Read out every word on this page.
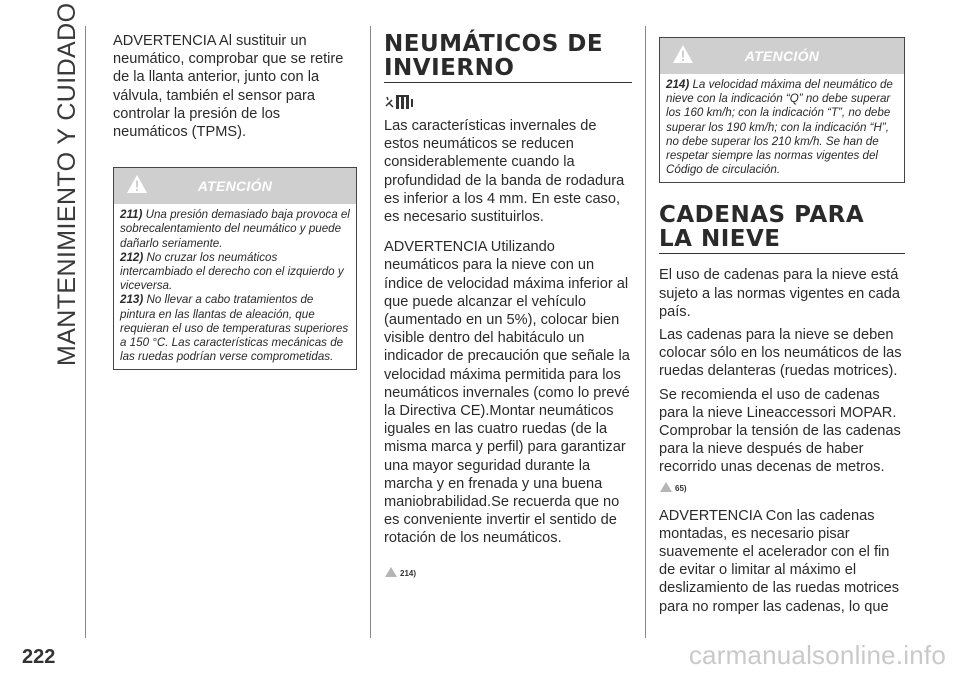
MANTENIMIENTO Y CUIDADO ADVERTENCIA Al sustituir un neumático, comprobar que se retire de la llanta anterior, junto con la válvula, también el sensor para controlar la presión de los neumáticos (TPMS).

ATENCIÓN
211) Una presión demasiado baja provoca el sobrecalentamiento del neumático y puede dañarlo seriamente.
212) No cruzar los neumáticos intercambiado el derecho con el izquierdo y viceversa.
213) No llevar a cabo tratamientos de pintura en las llantas de aleación, que requieran el uso de temperaturas superiores a 150 °C. Las características mecánicas de las ruedas podrían verse comprometidas.
NEUMÁTICOS DE INVIERNO

Las características invernales de estos neumáticos se reducen considerablemente cuando la profundidad de la banda de rodadura es inferior a los 4 mm. En este caso, es necesario sustituirlos.

ADVERTENCIA Utilizando neumáticos para la nieve con un índice de velocidad máxima inferior al que puede alcanzar el vehículo (aumentado en un 5%), colocar bien visible dentro del habitáculo un indicador de precaución que señale la velocidad máxima permitida para los neumáticos invernales (como lo prevé la Directiva CE).Montar neumáticos iguales en las cuatro ruedas (de la misma marca y perfil) para garantizar una mayor seguridad durante la marcha y en frenada y una buena maniobrabilidad.Se recuerda que no es conveniente invertir el sentido de rotación de los neumáticos.

214)
ATENCIÓN
214) La velocidad máxima del neumático de nieve con la indicación “Q” no debe superar los 160 km/h; con la indicación “T”, no debe superar los 190 km/h; con la indicación “H”, no debe superar los 210 km/h. Se han de respetar siempre las normas vigentes del Código de circulación.
CADENAS PARA LA NIEVE

El uso de cadenas para la nieve está sujeto a las normas vigentes en cada país.

Las cadenas para la nieve se deben colocar sólo en los neumáticos de las ruedas delanteras (ruedas motrices).

Se recomienda el uso de cadenas para la nieve Lineaccessori MOPAR. Comprobar la tensión de las cadenas para la nieve después de haber recorrido unas decenas de metros.

65)

ADVERTENCIA Con las cadenas montadas, es necesario pisar suavemente el acelerador con el fin de evitar o limitar al máximo el deslizamiento de las ruedas motrices para no romper las cadenas, lo que

222	carmanualsonline.info
